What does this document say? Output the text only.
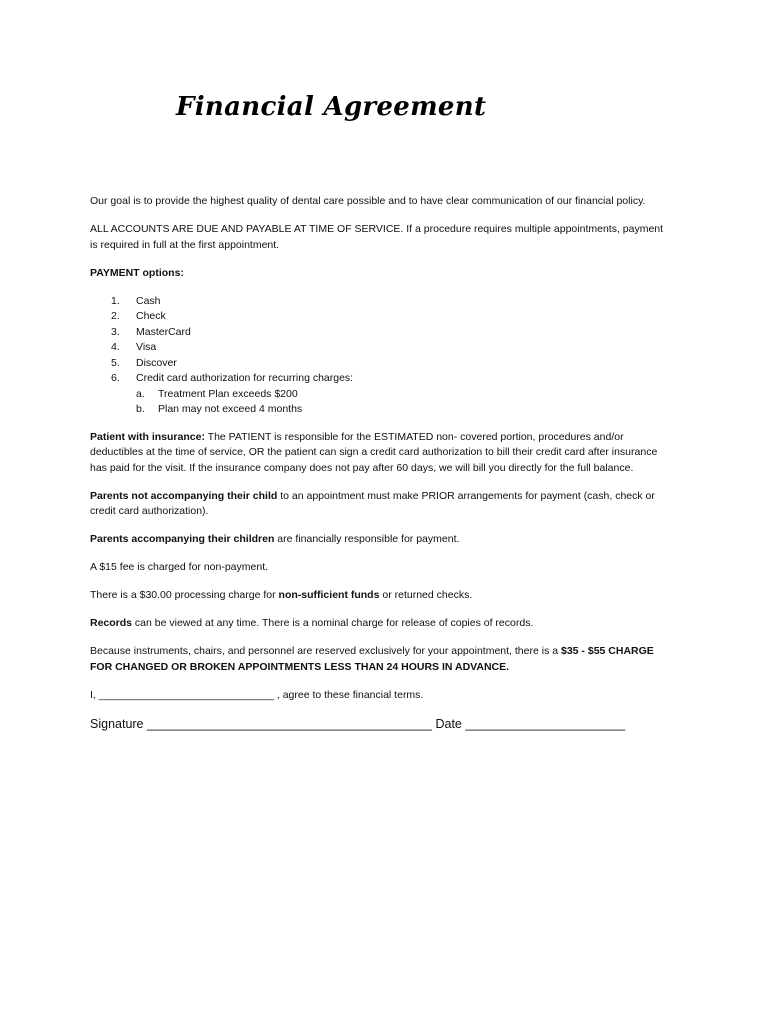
Financial Agreement

Our goal is to provide the highest quality of dental care possible and to have clear communication of our financial policy.

ALL ACCOUNTS ARE DUE AND PAYABLE AT TIME OF SERVICE. If a procedure requires multiple appointments, payment is required in full at the first appointment.

PAYMENT options:

1. Cash
2. Check
3. MasterCard
4. Visa
5. Discover
6. Credit card authorization for recurring charges:
a. Treatment Plan exceeds $200
b. Plan may not exceed 4 months

Patient with insurance: The PATIENT is responsible for the ESTIMATED non- covered portion, procedures and/or deductibles at the time of service, OR the patient can sign a credit card authorization to bill their credit card after insurance has paid for the visit. If the insurance company does not pay after 60 days, we will bill you directly for the full balance.

Parents not accompanying their child to an appointment must make PRIOR arrangements for payment (cash, check or credit card authorization).

Parents accompanying their children are financially responsible for payment.

A $15 fee is charged for non-payment.

There is a $30.00 processing charge for non-sufficient funds or returned checks.

Records can be viewed at any time. There is a nominal charge for release of copies of records.

Because instruments, chairs, and personnel are reserved exclusively for your appointment, there is a $35 - $55 CHARGE FOR CHANGED OR BROKEN APPOINTMENTS LESS THAN 24 HOURS IN ADVANCE.

I, ______________________________ , agree to these financial terms.

Signature _________________________________________ Date _______________________
